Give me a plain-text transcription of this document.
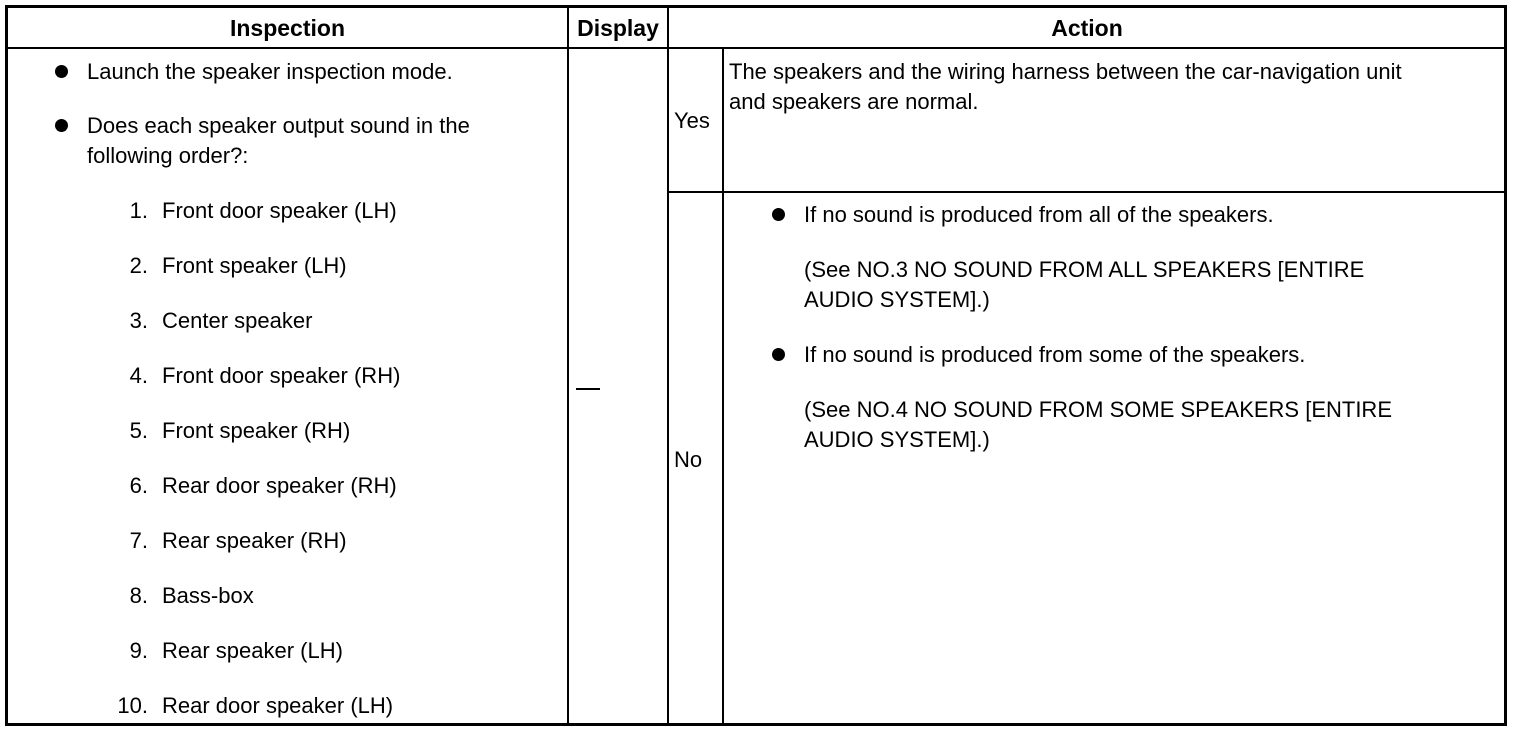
Inspection	Display	Action
Launch the speaker inspection mode.
Does each speaker output sound in the
following order?:
1. Front door speaker (LH)
2. Front speaker (LH)
3. Center speaker
4. Front door speaker (RH)
5. Front speaker (RH)
6. Rear door speaker (RH)
7. Rear speaker (RH)
8. Bass-box
9. Rear speaker (LH)
10. Rear door speaker (LH)
Yes
The speakers and the wiring harness between the car-navigation unit
and speakers are normal.
No
If no sound is produced from all of the speakers.
(See NO.3 NO SOUND FROM ALL SPEAKERS [ENTIRE
AUDIO SYSTEM].)
If no sound is produced from some of the speakers.
(See NO.4 NO SOUND FROM SOME SPEAKERS [ENTIRE
AUDIO SYSTEM].)
